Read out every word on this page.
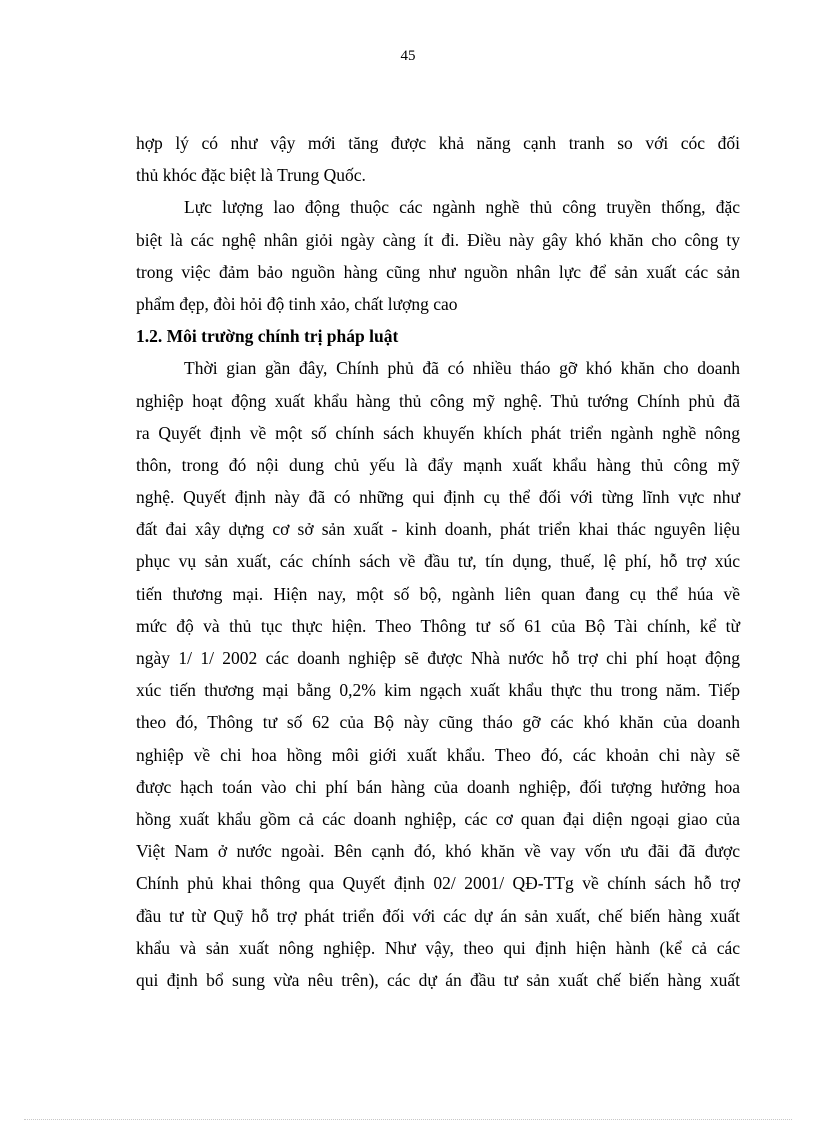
45
hợp lý có như vậy mới tăng được khả năng cạnh tranh so với cóc đối
thủ khóc đặc biệt là Trung Quốc.
Lực lượng lao động thuộc các ngành nghề thủ công truyền thống, đặc
biệt là các nghệ nhân giỏi ngày càng ít đi. Điều này gây khó khăn cho công ty
trong việc đảm bảo nguồn hàng cũng như nguồn nhân lực để sản xuất các sản
phẩm đẹp, đòi hỏi độ tinh xảo, chất lượng cao
1.2. Môi trường chính trị pháp luật
Thời gian gần đây, Chính phủ đã có nhiều tháo gỡ khó khăn cho doanh
nghiệp hoạt động xuất khẩu hàng thủ công mỹ nghệ. Thủ tướng Chính phủ đã
ra Quyết định về một số chính sách khuyến khích phát triển ngành nghề nông
thôn, trong đó nội dung chủ yếu là đẩy mạnh xuất khẩu hàng thủ công mỹ
nghệ. Quyết định này đã có những qui định cụ thể đối với từng lĩnh vực như
đất đai xây dựng cơ sở sản xuất - kinh doanh, phát triển khai thác nguyên liệu
phục vụ sản xuất, các chính sách về đầu tư, tín dụng, thuế, lệ phí, hỗ trợ xúc
tiến thương mại. Hiện nay, một số bộ, ngành liên quan đang cụ thể húa về
mức độ và thủ tục thực hiện. Theo Thông tư số 61 của Bộ Tài chính, kể từ
ngày 1/ 1/ 2002 các doanh nghiệp sẽ được Nhà nước hỗ trợ chi phí hoạt động
xúc tiến thương mại bằng 0,2% kim ngạch xuất khẩu thực thu trong năm. Tiếp
theo đó, Thông tư số 62 của Bộ này cũng tháo gỡ các khó khăn của doanh
nghiệp về chi hoa hồng môi giới xuất khẩu. Theo đó, các khoản chi này sẽ
được hạch toán vào chi phí bán hàng của doanh nghiệp, đối tượng hưởng hoa
hồng xuất khẩu gồm cả các doanh nghiệp, các cơ quan đại diện ngoại giao của
Việt Nam ở nước ngoài. Bên cạnh đó, khó khăn về vay vốn ưu đãi đã được
Chính phủ khai thông qua Quyết định 02/ 2001/ QĐ-TTg về chính sách hỗ trợ
đầu tư từ Quỹ hỗ trợ phát triển đối với các dự án sản xuất, chế biến hàng xuất
khẩu và sản xuất nông nghiệp. Như vậy, theo qui định hiện hành (kể cả các
qui định bổ sung vừa nêu trên), các dự án đầu tư sản xuất chế biến hàng xuất
